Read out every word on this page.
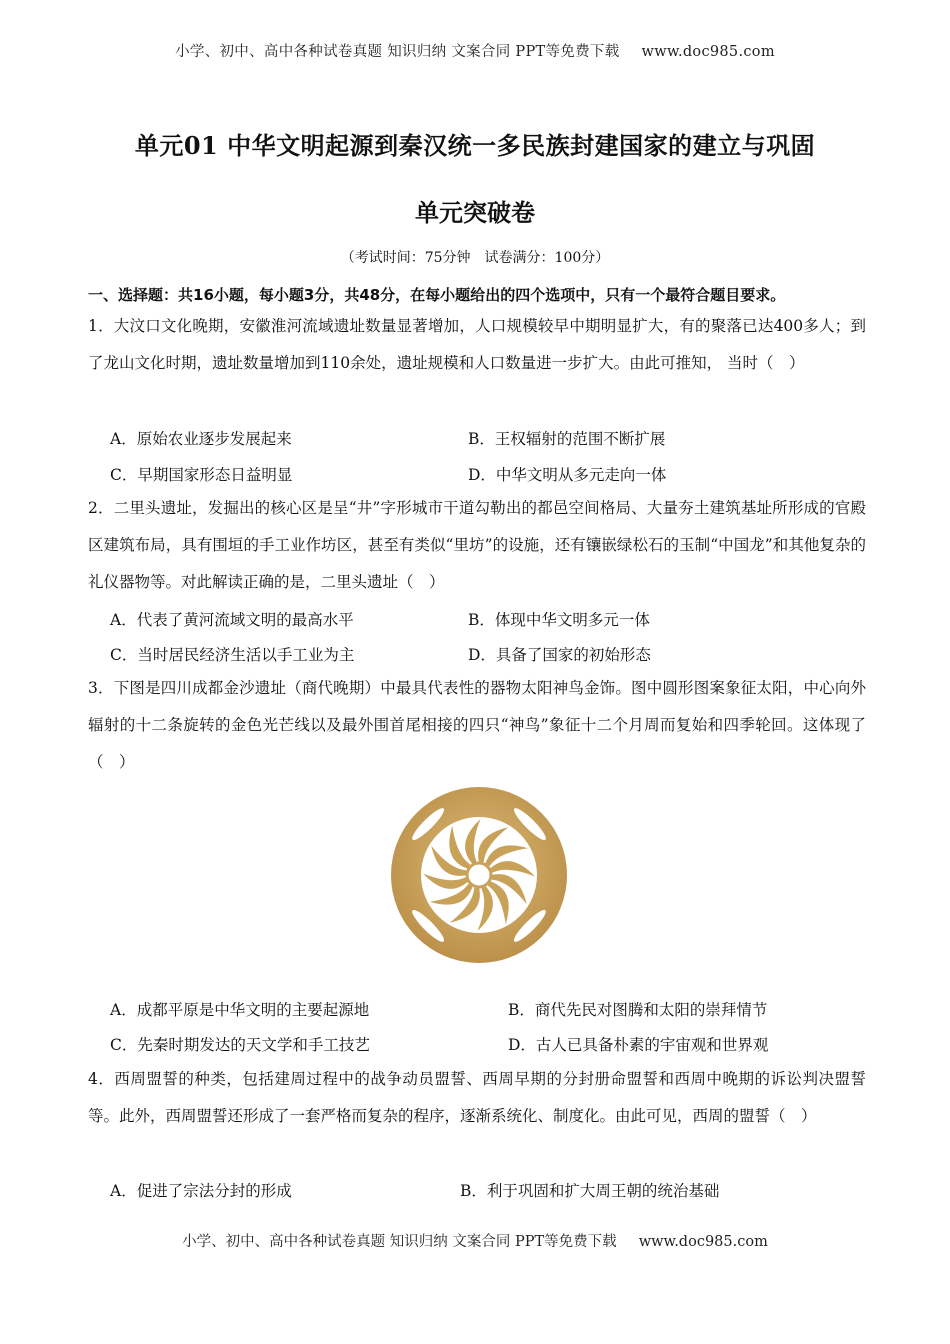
小学、初中、高中各种试卷真题 知识归纳 文案合同 PPT等免费下载 www.doc985.com
单元01 中华文明起源到秦汉统一多民族封建国家的建立与巩固
单元突破卷
（考试时间：75分钟　试卷满分：100分）
一、选择题：共16小题，每小题3分，共48分，在每小题给出的四个选项中，只有一个最符合题目要求。
1．大汶口文化晚期，安徽淮河流域遗址数量显著增加，人口规模较早中期明显扩大，有的聚落已达400多人；到了龙山文化时期，遗址数量增加到110余处，遗址规模和人口数量进一步扩大。由此可推知， 当时（　）
A．原始农业逐步发展起来	B．王权辐射的范围不断扩展
C．早期国家形态日益明显	D．中华文明从多元走向一体
2．二里头遗址，发掘出的核心区是呈“井”字形城市干道勾勒出的都邑空间格局、大量夯土建筑基址所形成的官殿区建筑布局，具有围垣的手工业作坊区，甚至有类似“里坊”的设施，还有镶嵌绿松石的玉制“中国龙”和其他复杂的礼仪器物等。对此解读正确的是，二里头遗址（　）
A．代表了黄河流域文明的最高水平	B．体现中华文明多元一体
C．当时居民经济生活以手工业为主	D．具备了国家的初始形态
3．下图是四川成都金沙遗址（商代晚期）中最具代表性的器物太阳神鸟金饰。图中圆形图案象征太阳，中心向外辐射的十二条旋转的金色光芒线以及最外围首尾相接的四只“神鸟”象征十二个月周而复始和四季轮回。这体现了（　）
A．成都平原是中华文明的主要起源地	B．商代先民对图腾和太阳的崇拜情节
C．先秦时期发达的天文学和手工技艺	D．古人已具备朴素的宇宙观和世界观
4．西周盟誓的种类，包括建周过程中的战争动员盟誓、西周早期的分封册命盟誓和西周中晚期的诉讼判决盟誓等。此外，西周盟誓还形成了一套严格而复杂的程序，逐渐系统化、制度化。由此可见，西周的盟誓（　）
A．促进了宗法分封的形成	B．利于巩固和扩大周王朝的统治基础
小学、初中、高中各种试卷真题 知识归纳 文案合同 PPT等免费下载 www.doc985.com
